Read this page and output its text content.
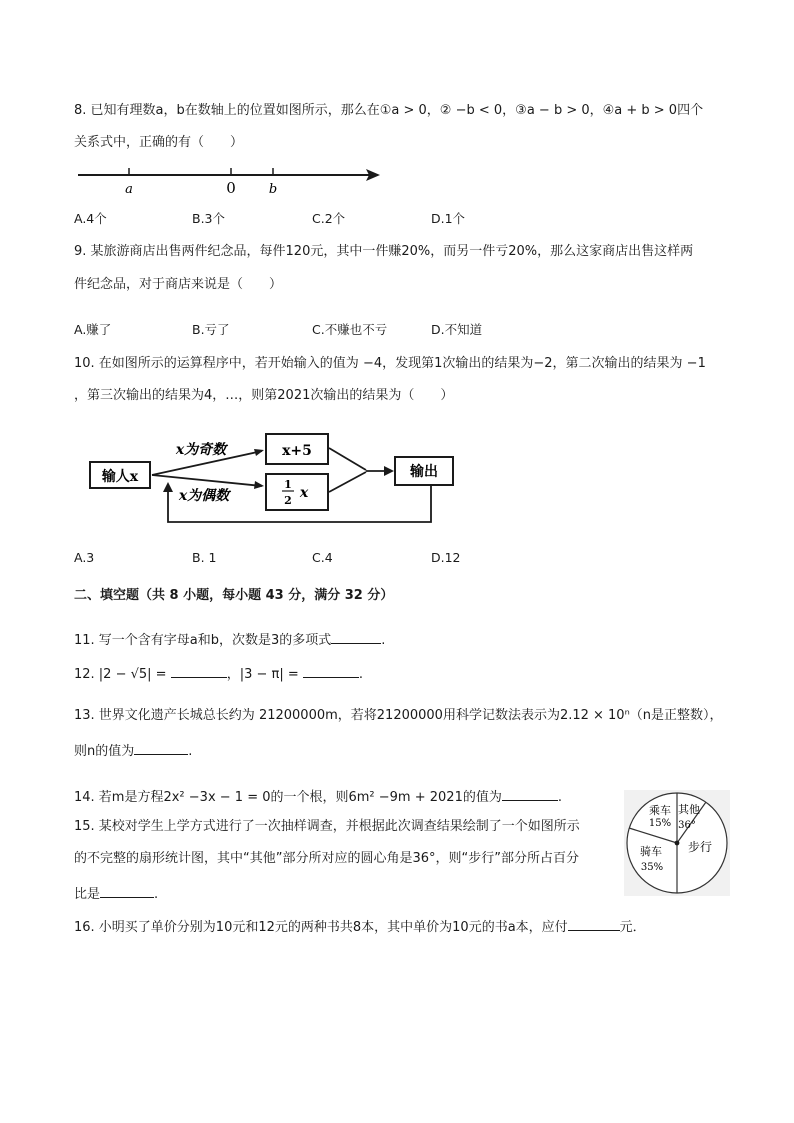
8. 已知有理数a，b在数轴上的位置如图所示，那么在①a > 0，② −b < 0，③a − b > 0，④a + b > 0四个
关系式中，正确的有（　　）
a	0	b
A.4个	B.3个	C.2个	D.1个
9. 某旅游商店出售两件纪念品，每件120元，其中一件赚20%，而另一件亏20%，那么这家商店出售这样两
件纪念品，对于商店来说是（　　）
A.赚了	B.亏了	C.不赚也不亏	D.不知道
10. 在如图所示的运算程序中，若开始输入的值为 −4，发现第1次输出的结果为−2，第二次输出的结果为 −1
，第三次输出的结果为4，…，则第2021次输出的结果为（　　）
输人x
x为奇数
x为偶数
x+5
1
2 x
输出
A.3	B. 1	C.4	D.12
二、填空题（共 8 小题，每小题 43 分，满分 32 分）
11. 写一个含有字母a和b，次数是3的多项式	.
12. |2 − √5| =	，|3 − π| =	.
13. 世界文化遗产长城总长约为 21200000m，若将21200000用科学记数法表示为2.12 × 10ⁿ（n是正整数），
则n的值为	.
14. 若m是方程2x² −3x − 1 = 0的一个根，则6m² −9m + 2021的值为	.
15. 某校对学生上学方式进行了一次抽样调查，并根据此次调查结果绘制了一个如图所示
的不完整的扇形统计图，其中“其他”部分所对应的圆心角是36°，则“步行”部分所占百分
比是	.
乘车
15%
其他
36°
步行
骑车
35%
16. 小明买了单价分别为10元和12元的两种书共8本，其中单价为10元的书a本，应付	元．
